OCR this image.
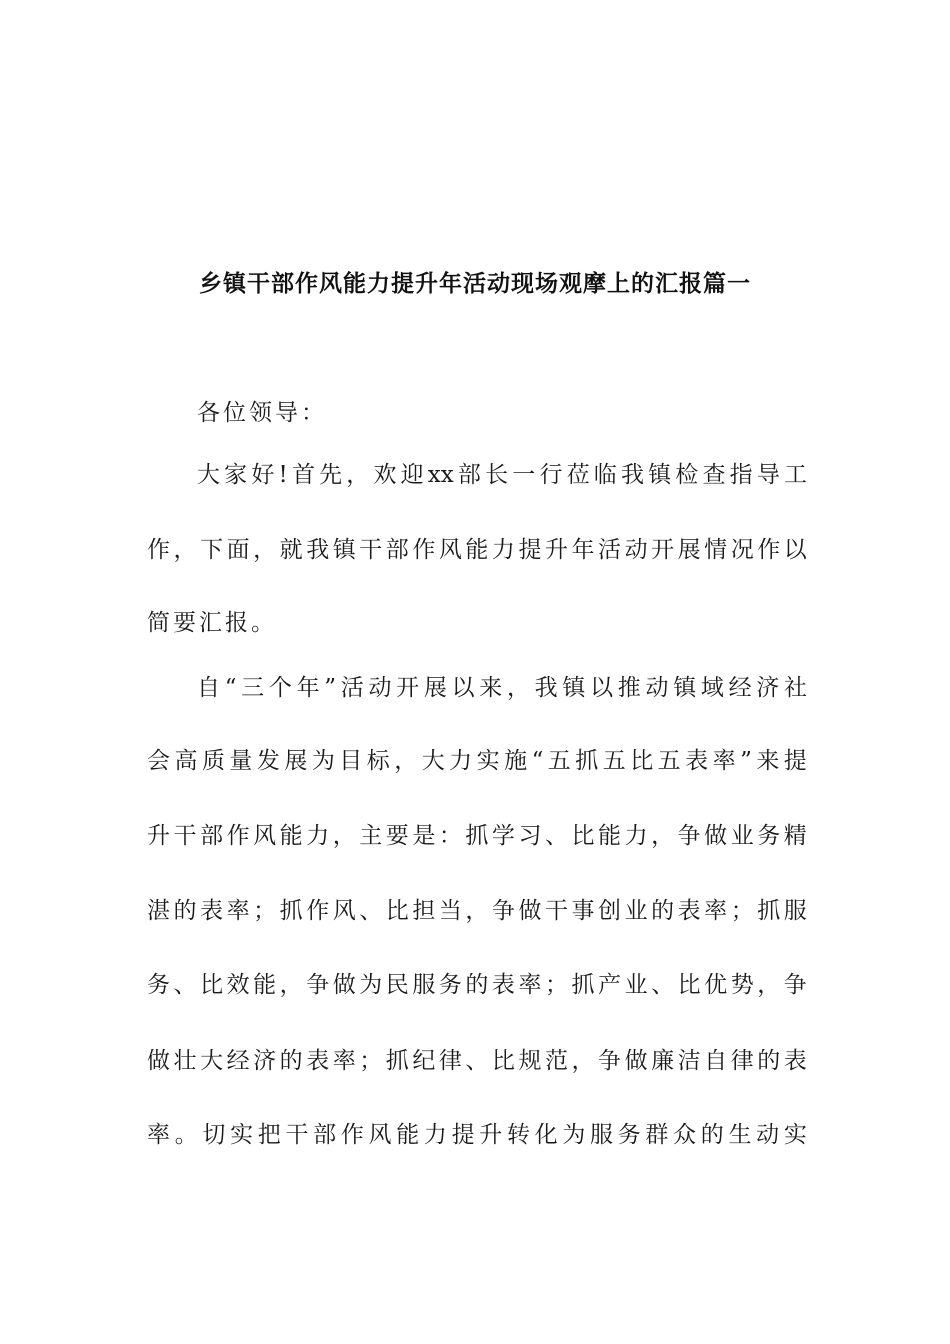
乡镇干部作风能力提升年活动现场观摩上的汇报篇一
各位领导：
大 家 好 ! 首 先 ， 欢 迎 xx 部 长 一 行 莅 临 我 镇 检 查 指 导 工
作 ， 下 面 ， 就 我 镇 干 部 作 风 能 力 提 升 年 活 动 开 展 情 况 作 以
简要汇报。
自 “ 三 个 年 ” 活 动 开 展 以 来 ， 我 镇 以 推 动 镇 域 经 济 社
会 高 质 量 发 展 为 目 标 ， 大 力 实 施 “ 五 抓 五 比 五 表 率 ” 来 提
升 干 部 作 风 能 力 ， 主 要 是 ： 抓 学 习 、 比 能 力 ， 争 做 业 务 精
湛 的 表 率 ； 抓 作 风 、 比 担 当 ， 争 做 干 事 创 业 的 表 率 ； 抓 服
务 、 比 效 能 ， 争 做 为 民 服 务 的 表 率 ； 抓 产 业 、 比 优 势 ， 争
做 壮 大 经 济 的 表 率 ； 抓 纪 律 、 比 规 范 ， 争 做 廉 洁 自 律 的 表
率 。 切 实 把 干 部 作 风 能 力 提 升 转 化 为 服 务 群 众 的 生 动 实
